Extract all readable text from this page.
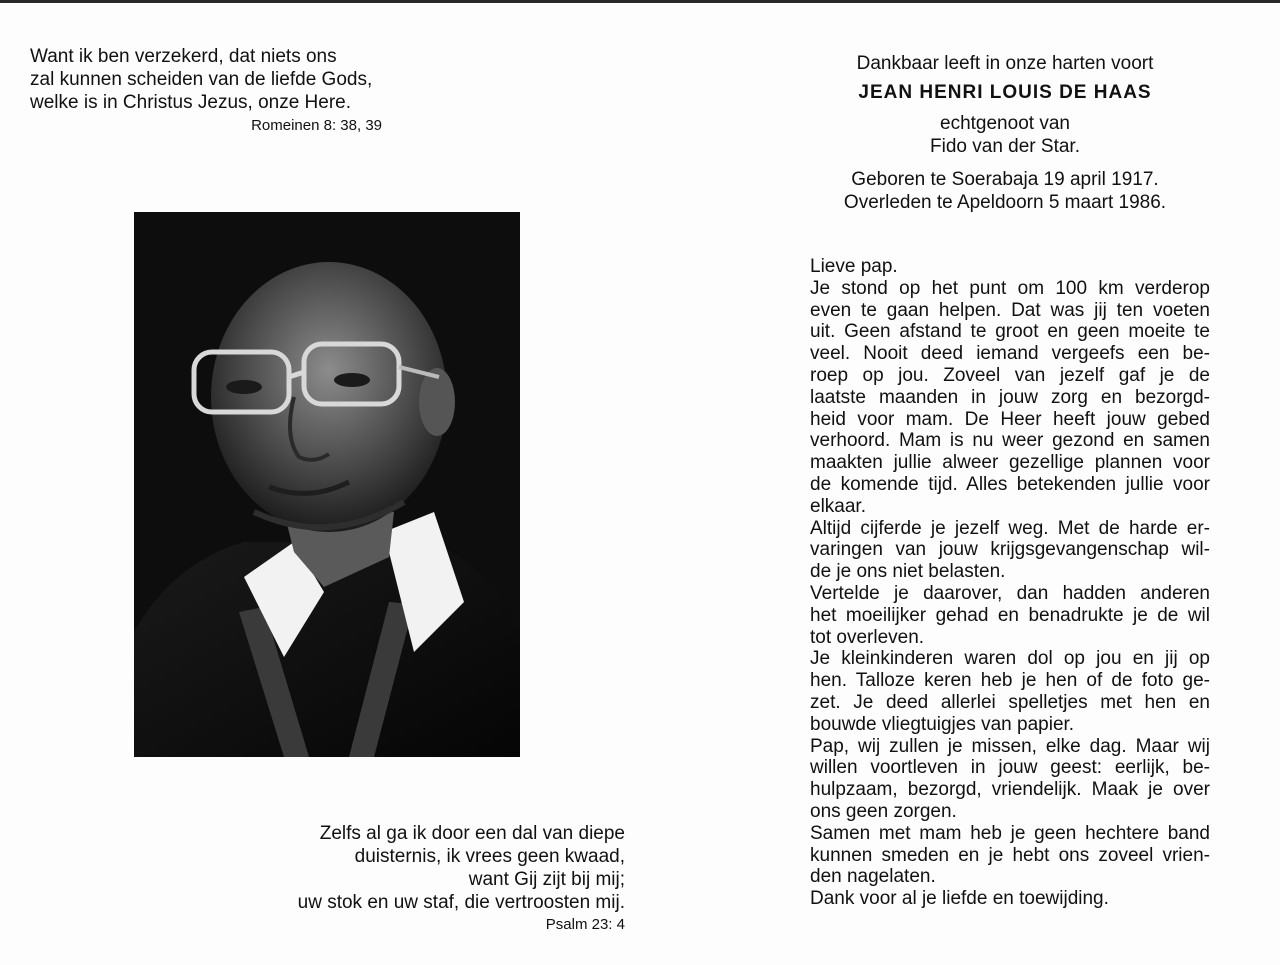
Want ik ben verzekerd, dat niets ons
zal kunnen scheiden van de liefde Gods,
welke is in Christus Jezus, onze Here.
Romeinen 8: 38, 39
Zelfs al ga ik door een dal van diepe
duisternis, ik vrees geen kwaad,
want Gij zijt bij mij;
uw stok en uw staf, die vertroosten mij.
Psalm 23: 4
Dankbaar leeft in onze harten voort
JEAN HENRI LOUIS DE HAAS
echtgenoot van
Fido van der Star.
Geboren te Soerabaja 19 april 1917.
Overleden te Apeldoorn 5 maart 1986.
Lieve pap.
Je stond op het punt om 100 km verderop
even te gaan helpen. Dat was jij ten voeten
uit. Geen afstand te groot en geen moeite te
veel. Nooit deed iemand vergeefs een be-
roep op jou. Zoveel van jezelf gaf je de
laatste maanden in jouw zorg en bezorgd-
heid voor mam. De Heer heeft jouw gebed
verhoord. Mam is nu weer gezond en samen
maakten jullie alweer gezellige plannen voor
de komende tijd. Alles betekenden jullie voor
elkaar.
Altijd cijferde je jezelf weg. Met de harde er-
varingen van jouw krijgsgevangenschap wil-
de je ons niet belasten.
Vertelde je daarover, dan hadden anderen
het moeilijker gehad en benadrukte je de wil
tot overleven.
Je kleinkinderen waren dol op jou en jij op
hen. Talloze keren heb je hen of de foto ge-
zet. Je deed allerlei spelletjes met hen en
bouwde vliegtuigjes van papier.
Pap, wij zullen je missen, elke dag. Maar wij
willen voortleven in jouw geest: eerlijk, be-
hulpzaam, bezorgd, vriendelijk. Maak je over
ons geen zorgen.
Samen met mam heb je geen hechtere band
kunnen smeden en je hebt ons zoveel vrien-
den nagelaten.
Dank voor al je liefde en toewijding.
